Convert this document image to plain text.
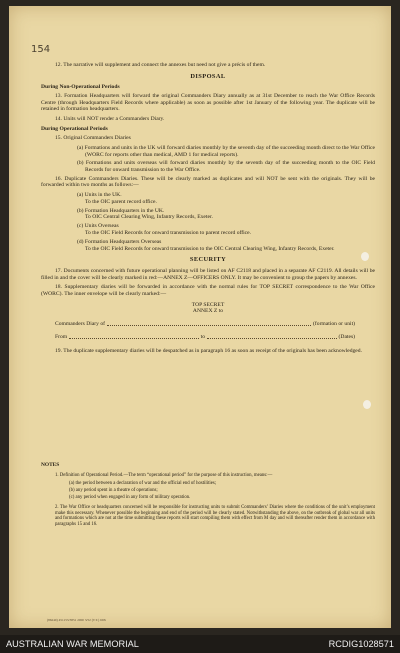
154

12. The narrative will supplement and connect the annexes but need not give a précis of them.

DISPOSAL
During Non-Operational Periods

13. Formation Headquarters will forward the original Commanders Diary annually as at 31st December to reach the War Office Records Centre (through Headquarters Field Records where applicable) as soon as possible after 1st January of the following year. The duplicate will be retained in formation headquarters.

14. Units will NOT render a Commanders Diary.

During Operational Periods

15. Original Commanders Diaries

(a) Formations and units in the UK will forward diaries monthly by the seventh day of the succeeding month direct to the War Office (WORC for reports other than medical, AMD 1 for medical reports).

(b) Formations and units overseas will forward diaries monthly by the seventh day of the succeeding month to the OIC Field Records for onward transmission to the War Office.

16. Duplicate Commanders Diaries. These will be clearly marked as duplicates and will NOT be sent with the originals. They will be forwarded within two months as follows:—

(a) Units in the UK.

To the OIC parent record office.

(b) Formation Headquarters in the UK.

To OIC Central Clearing Wing, Infantry Records, Exeter.

(c) Units Overseas

To the OIC Field Records for onward transmission to parent record office.

(d) Formation Headquarters Overseas

To the OIC Field Records for onward transmission to the OIC Central Clearing Wing, Infantry Records, Exeter.

SECURITY

17. Documents concerned with future operational planning will be listed on AF C2118 and placed in a separate AF C2119. All details will be filled in and the cover will be clearly marked in red:—ANNEX Z—OFFICERS ONLY. It may be convenient to group the papers by annexes.

18. Supplementary diaries will be forwarded in accordance with the normal rules for TOP SECRET correspondence to the War Office (WORC). The inner envelope will be clearly marked:—

TOP SECRET
ANNEX Z to
Commanders Diary of	(formation or unit)
From	to	(Dates)

19. The duplicate supplementary diaries will be despatched as in paragraph 16 as soon as receipt of the originals has been acknowledged.

NOTES

1. Definition of Operational Period.—The term “operational period” for the purpose of this instruction, means:—

(a) the period between a declaration of war and the official end of hostilities;

(b) any period spent in a theatre of operations;

(c) any period when engaged in any form of military operation.

2. The War Office or headquarters concerned will be responsible for instructing units to submit Commanders’ Diaries where the conditions of the unit’s employment make this necessary. Whenever possible the beginning and end of the period will be clearly stated. Notwithstanding the above, on the outbreak of global war all units and formations which are not at the time submitting these reports will start compiling them with effect from M day and will thereafter render them in accordance with paragraphs 15 and 16.

(86240) 451153/3851 2000 3/52 (T.T.) 69X
AUSTRALIAN WAR MEMORIAL	RCDIG1028571
